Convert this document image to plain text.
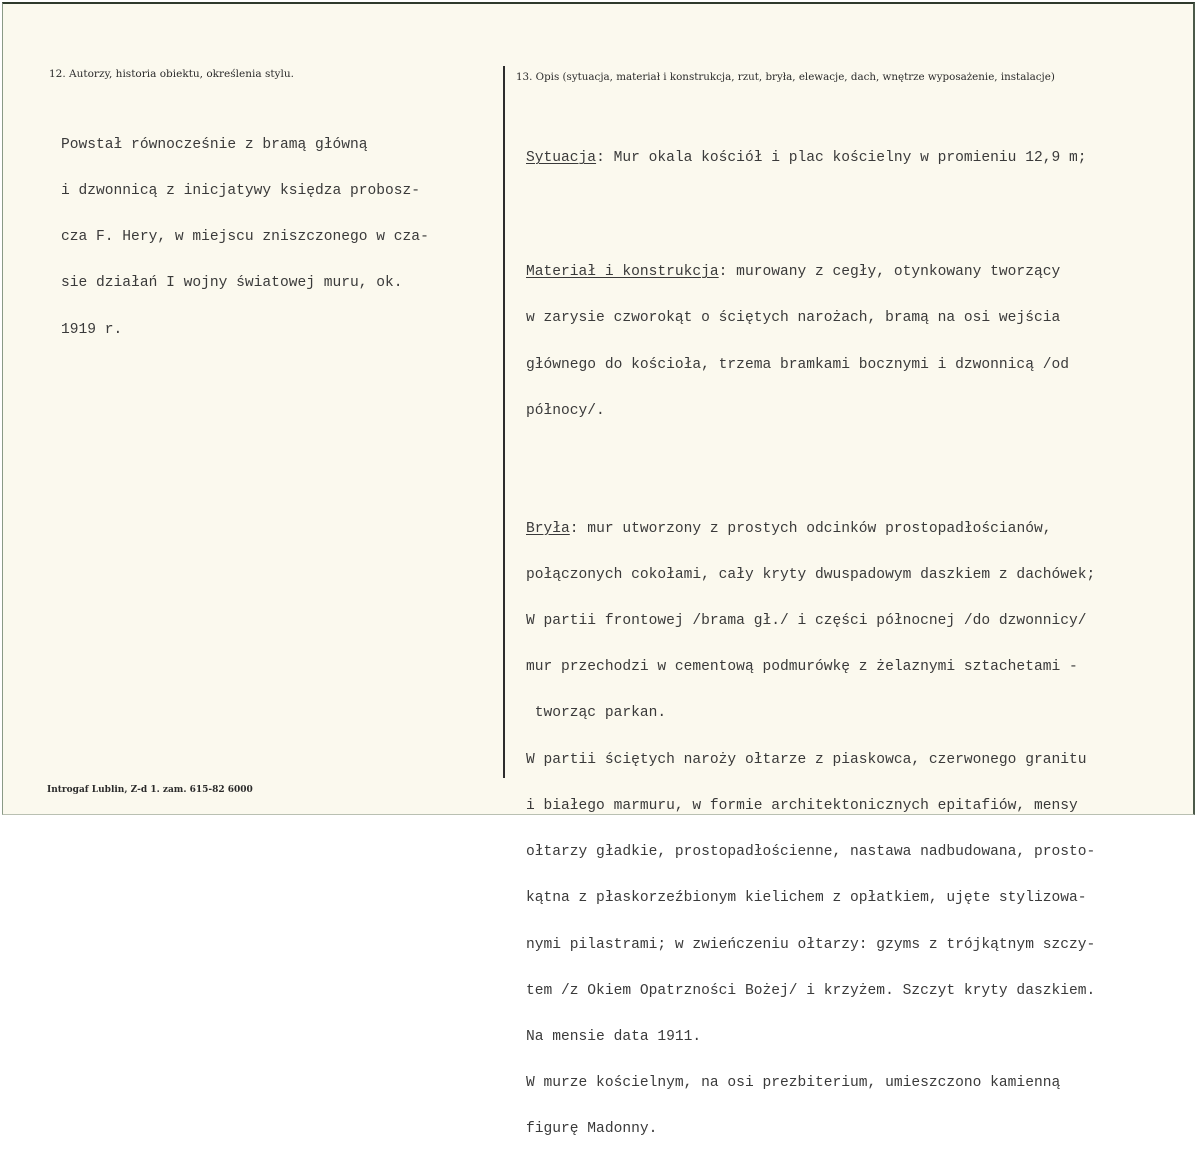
12. Autorzy, historia obiektu, określenia stylu.

Powstał równocześnie z bramą główną

i dzwonnicą z inicjatywy księdza probosz-

cza F. Hery, w miejscu zniszczonego w cza-

sie działań I wojny światowej muru, ok.

1919 r.

13. Opis (sytuacja, materiał i konstrukcja, rzut, bryła, elewacje, dach, wnętrze wyposażenie, instalacje)

Sytuacja: Mur okala kościół i plac kościelny w promieniu 12,9 m;

Materiał i konstrukcja: murowany z cegły, otynkowany tworzący

w zarysie czworokąt o ściętych narożach, bramą na osi wejścia

głównego do kościoła, trzema bramkami bocznymi i dzwonnicą /od

północy/.

Bryła: mur utworzony z prostych odcinków prostopadłościanów,

połączonych cokołami, cały kryty dwuspadowym daszkiem z dachówek;

W partii frontowej /brama gł./ i części północnej /do dzwonnicy/

mur przechodzi w cementową podmurówkę z żelaznymi sztachetami -

tworząc parkan.

W partii ściętych naroży ołtarze z piaskowca, czerwonego granitu

i białego marmuru, w formie architektonicznych epitafiów, mensy

ołtarzy gładkie, prostopadłościenne, nastawa nadbudowana, prosto-

kątna z płaskorzeźbionym kielichem z opłatkiem, ujęte stylizowa-

nymi pilastrami; w zwieńczeniu ołtarzy: gzyms z trójkątnym szczy-

tem /z Okiem Opatrzności Bożej/ i krzyżem. Szczyt kryty daszkiem.

Na mensie data 1911.

W murze kościelnym, na osi prezbiterium, umieszczono kamienną

figurę Madonny.

Introgaf Lublin, Z-d 1. zam. 615-82 6000
